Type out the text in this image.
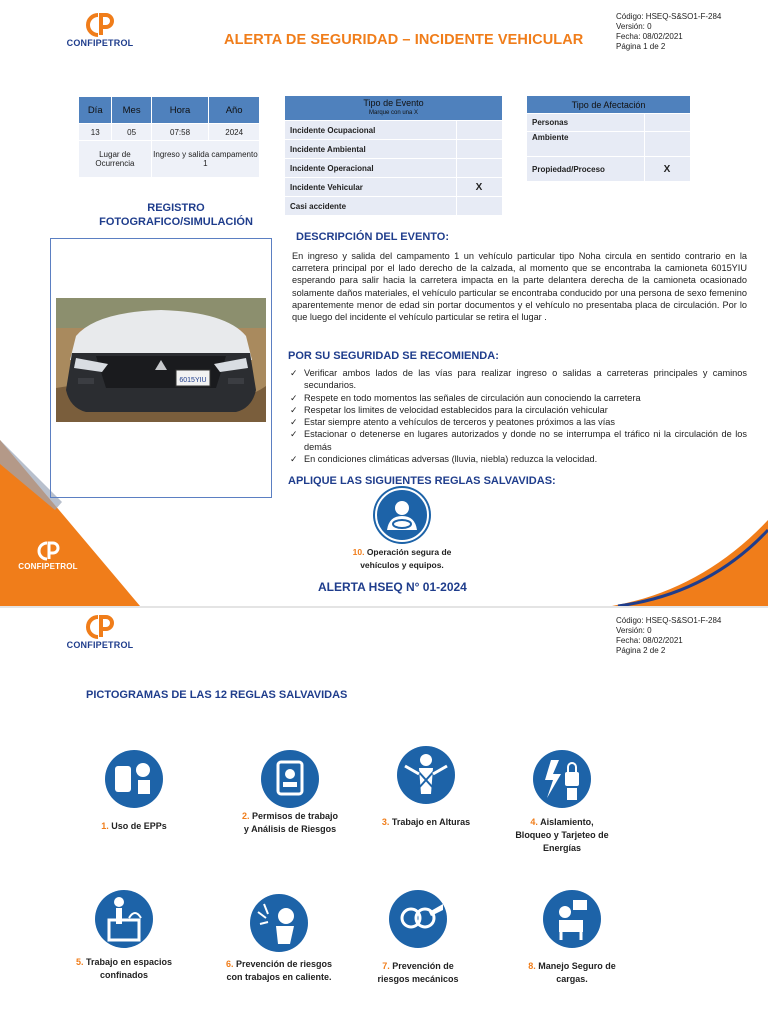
CONFIPETROL
CONFIPETROL	ALERTA DE SEGURIDAD – INCIDENTE VEHICULAR
Código: HSEQ-S&SO1-F-284
Versión: 0
Fecha: 08/02/2021
Página 1 de 2
Día	Mes	Hora	Año
13	05	07:58	2024
Lugar de Ocurrencia		Ingreso y salida campamento 1	
Tipo de Evento
Marque con una X	

Incidente Ocupacional	
Incidente Ambiental	
Incidente Operacional	
Incidente Vehicular	X
Casi accidente	
Tipo de Afectación	
Personas	
Ambiente	
Propiedad/Proceso	X
REGISTRO FOTOGRAFICO/SIMULACIÓN
6015YIU
DESCRIPCIÓN DEL EVENTO:
En ingreso y salida del campamento 1 un vehículo particular tipo Noha circula en sentido contrario en la carretera principal por el lado derecho de la calzada, al momento que se encontraba la camioneta 6015YIU esperando para salir hacia la carretera impacta en la parte delantera derecha de la camioneta ocasionado solamente daños materiales, el vehículo particular se encontraba conducido por una persona de sexo femenino aparentemente menor de edad sin portar documentos y el vehículo no presentaba placa de circulación. Por lo que luego del incidente el vehículo particular se retira el lugar .
POR SU SEGURIDAD SE RECOMIENDA:
✓ Verificar ambos lados de las vías para realizar ingreso o salidas a carreteras principales y caminos secundarios.
✓ Respete en todo momentos las señales de circulación aun conociendo la carretera
✓ Respetar los limites de velocidad establecidos para la circulación vehicular
✓ Estar siempre atento a vehículos de terceros y peatones próximos a las vías
✓ Estacionar o detenerse en lugares autorizados y donde no se interrumpa el tráfico ni la circulación de los demás
✓ En condiciones climáticas adversas (lluvia, niebla) reduzca la velocidad.
APLIQUE LAS SIGUIENTES REGLAS SALVAVIDAS:
10. Operación segura de vehículos y equipos.
ALERTA HSEQ N° 01-2024
CONFIPETROL
Código: HSEQ-S&SO1-F-284
Versión: 0
Fecha: 08/02/2021
Página 2 de 2
PICTOGRAMAS DE LAS 12 REGLAS SALVAVIDAS
1. Uso de EPPs
2. Permisos de trabajo y Análisis de Riesgos
3. Trabajo en Alturas	4. Aislamiento, Bloqueo y Tarjeteo de Energías
5. Trabajo en espacios confinados
6. Prevención de riesgos con trabajos en caliente.
7. Prevención de riesgos mecánicos
8. Manejo Seguro de cargas.
